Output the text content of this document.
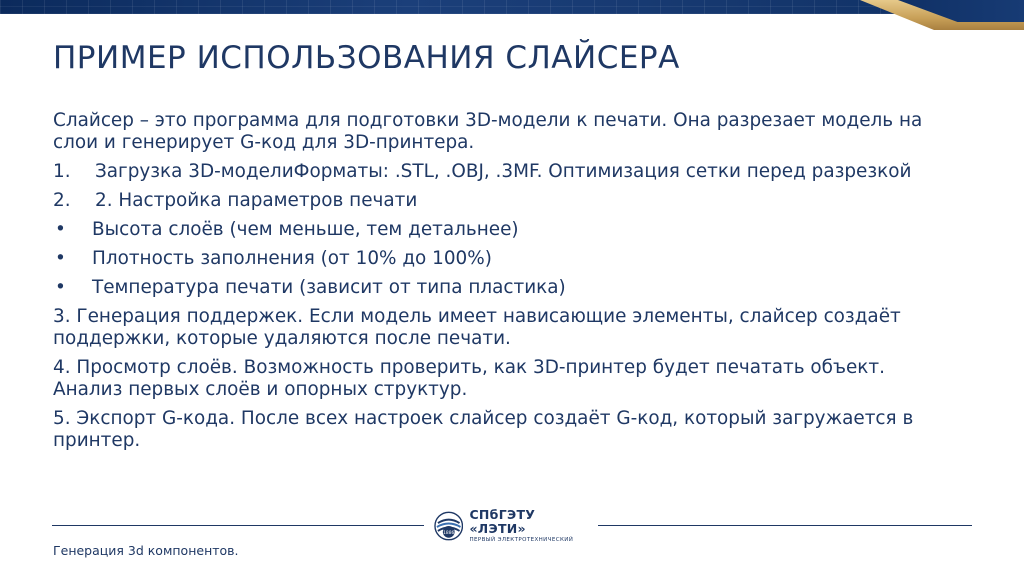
ПРИМЕР ИСПОЛЬЗОВАНИЯ СЛАЙСЕРА

Слайсер – это программа для подготовки 3D-модели к печати. Она разрезает модель на слои и генерирует G-код для 3D-принтера.

1.	Загрузка 3D-моделиФорматы: .STL, .OBJ, .3MF. Оптимизация сетки перед разрезкой
2.	2. Настройка параметров печати
•	Высота слоёв (чем меньше, тем детальнее)
•	Плотность заполнения (от 10% до 100%)
•	Температура печати (зависит от типа пластика)

3. Генерация поддержек. Если модель имеет нависающие элементы, слайсер создаёт поддержки, которые удаляются после печати.

4. Просмотр слоёв. Возможность проверить, как 3D-принтер будет печатать объект. Анализ первых слоёв и опорных структур.

5. Экспорт G-кода. После всех настроек слайсер создаёт G-код, который загружается в принтер.

1886
СПбГЭТУ «ЛЭТИ»
ПЕРВЫЙ ЭЛЕКТРОТЕХНИЧЕСКИЙ
Генерация 3d компонентов.
